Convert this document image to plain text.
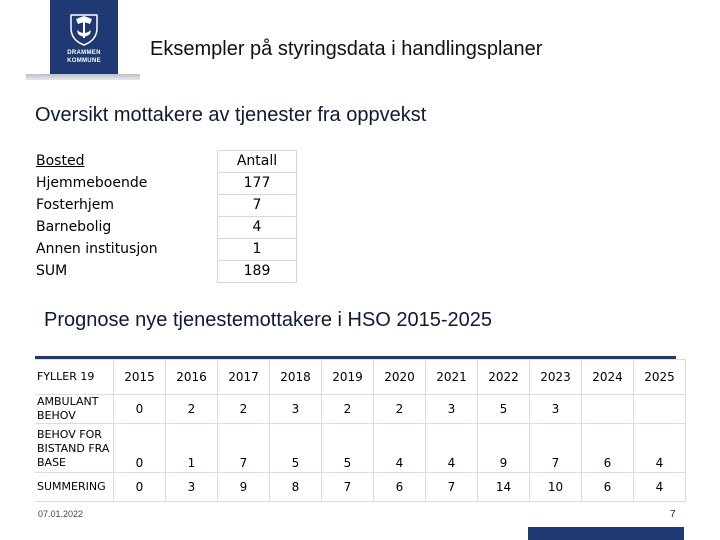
DRAMMEN
KOMMUNE
Eksempler på styringsdata i handlingsplaner
Oversikt mottakere av tjenester fra oppvekst
Bosted	Antall
Hjemmeboende	177
Fosterhjem	7
Barnebolig	4
Annen institusjon	1
SUM	189
Prognose nye tjenestemottakere i HSO 2015-2025
FYLLER 19	2015	2016	2017	2018	2019	2020	2021	2022	2023	2024	2025
AMBULANT BEHOV	0	2	2	3	2	2	3	5	3		
BEHOV FOR BISTAND FRA BASE	0	1	7	5	5	4	4	9	7	6	4
SUMMERING	0	3	9	8	7	6	7	14	10	6	4
07.01.2022	7
